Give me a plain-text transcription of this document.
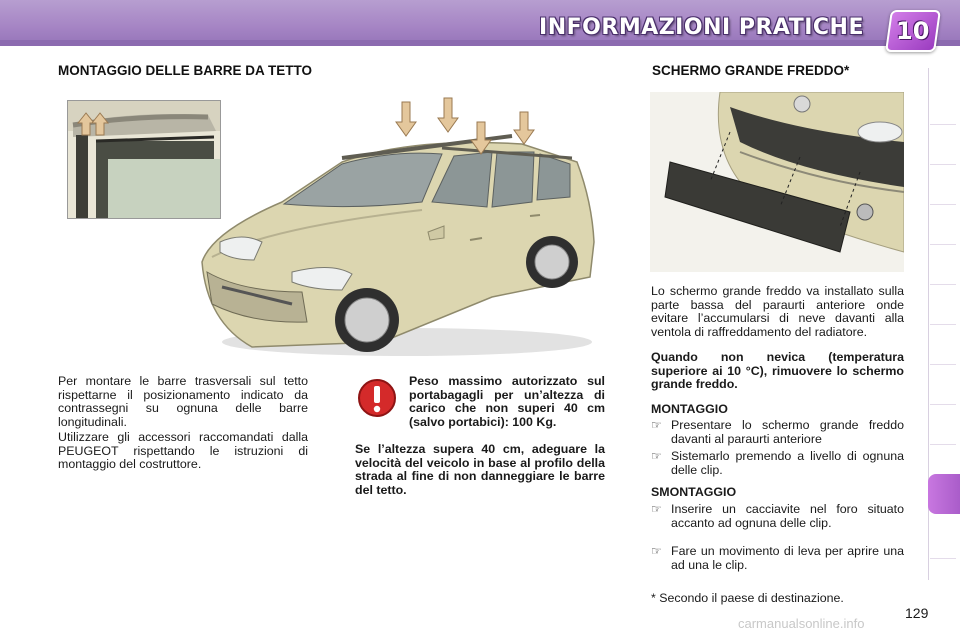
INFORMAZIONI PRATICHE 10
MONTAGGIO DELLE BARRE DA TETTO
Per montare le barre trasversali sul tetto rispettarne il posizionamento indicato da contrassegni su ognuna delle barre longitudinali.
Utilizzare gli accessori raccomandati dalla PEUGEOT rispettando le istruzioni di montaggio del costruttore.
Peso massimo autorizzato sul portabagagli per un’altezza di carico che non superi 40 cm (salvo portabici): 100 Kg.
Se l’altezza supera 40 cm, adeguare la velocità del veicolo in base al profilo della strada al fine di non danneggiare le barre del tetto.
SCHERMO GRANDE FREDDO*
Lo schermo grande freddo va installato sulla parte bassa del paraurti anteriore onde evitare l’accumularsi di neve davanti alla ventola di raffreddamento del radiatore.
Quando non nevica (temperatura superiore ai 10 °C), rimuovere lo schermo grande freddo.
MONTAGGIO
☞ Presentare lo schermo grande freddo davanti al paraurti anteriore
☞ Sistemarlo premendo a livello di ognuna delle clip.
SMONTAGGIO
☞ Inserire un cacciavite nel foro situato accanto ad ognuna delle clip.
☞ Fare un movimento di leva per aprire una ad una le clip.
* Secondo il paese di destinazione.
129
carmanualsonline.info
